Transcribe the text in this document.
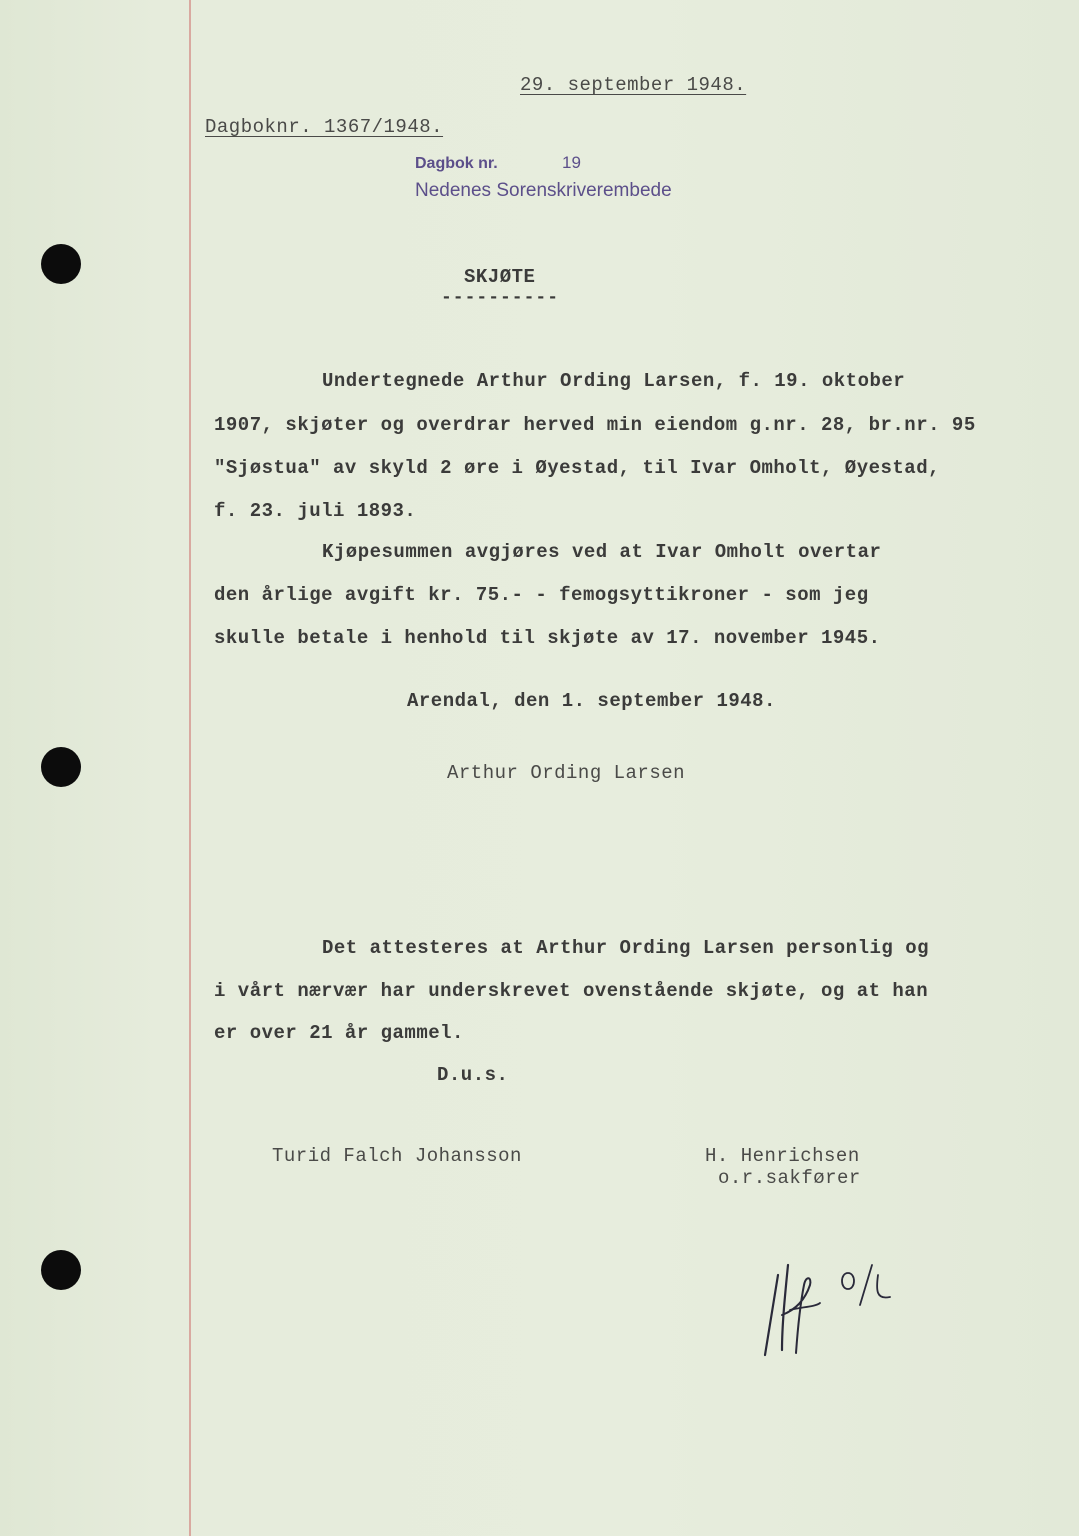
29. september 1948.
Dagboknr. 1367/1948.
Dagbok nr.	19
Nedenes Sorenskriverembede
SKJØTE
----------
Undertegnede Arthur Ording Larsen, f. 19. oktober
1907, skjøter og overdrar herved min eiendom g.nr. 28, br.nr. 95
"Sjøstua" av skyld 2 øre i Øyestad, til Ivar Omholt, Øyestad,
f. 23. juli 1893.
Kjøpesummen avgjøres ved at Ivar Omholt overtar
den årlige avgift kr. 75.- - femogsyttikroner - som jeg
skulle betale i henhold til skjøte av 17. november 1945.
Arendal, den 1. september 1948.
Arthur Ording Larsen
Det attesteres at Arthur Ording Larsen personlig og
i vårt nærvær har underskrevet ovenstående skjøte, og at han
er over 21 år gammel.
D.u.s.
Turid Falch Johansson	H. Henrichsen
o.r.sakfører
